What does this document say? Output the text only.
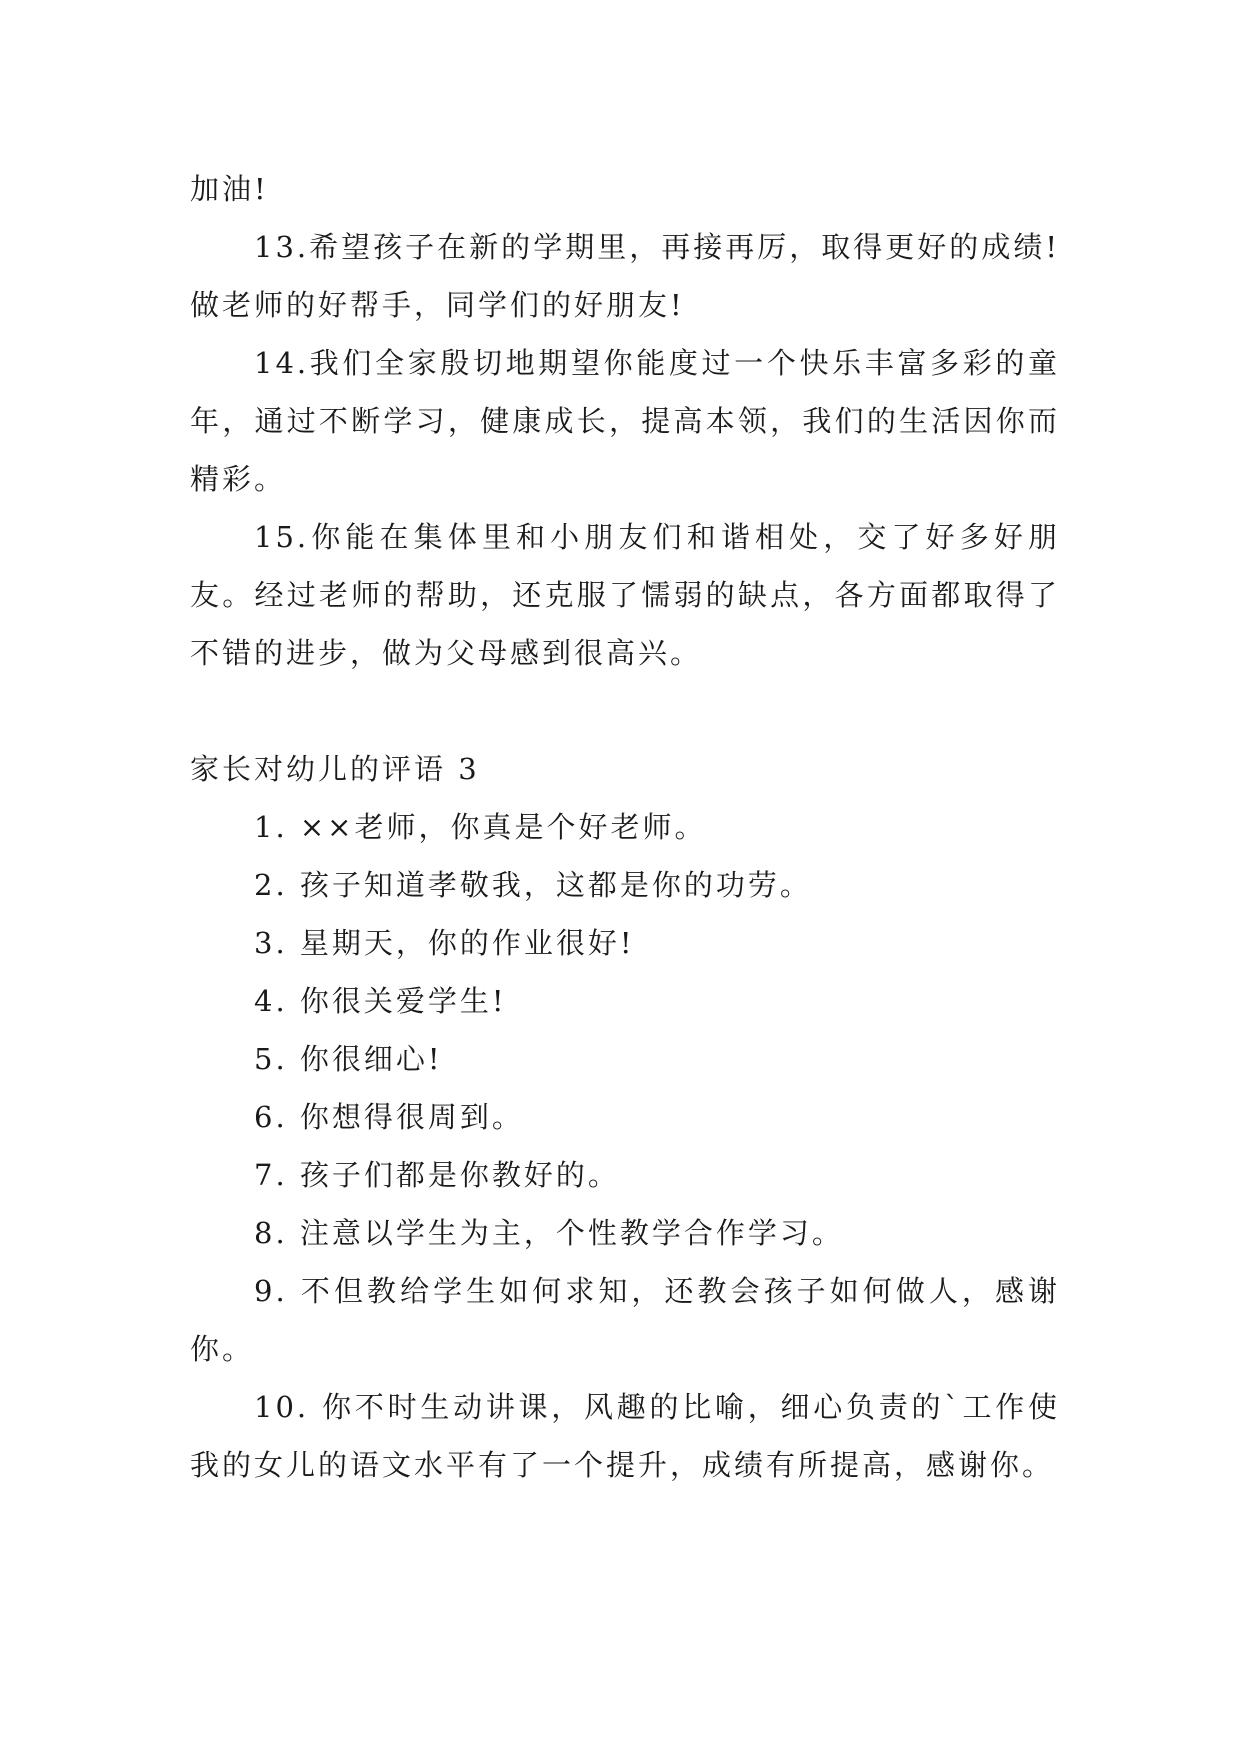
加油!

13.希望孩子在新的学期里，再接再厉，取得更好的成绩!做老师的好帮手，同学们的好朋友!

14.我们全家殷切地期望你能度过一个快乐丰富多彩的童年，通过不断学习，健康成长，提高本领，我们的生活因你而精彩。

15.你能在集体里和小朋友们和谐相处，交了好多好朋友。经过老师的帮助，还克服了懦弱的缺点，各方面都取得了不错的进步，做为父母感到很高兴。

家长对幼儿的评语 3

1. ××老师，你真是个好老师。

2. 孩子知道孝敬我，这都是你的功劳。

3. 星期天，你的作业很好!

4. 你很关爱学生!

5. 你很细心!

6. 你想得很周到。

7. 孩子们都是你教好的。

8. 注意以学生为主，个性教学合作学习。

9. 不但教给学生如何求知，还教会孩子如何做人，感谢你。

10. 你不时生动讲课，风趣的比喻，细心负责的`工作使我的女儿的语文水平有了一个提升，成绩有所提高，感谢你。
